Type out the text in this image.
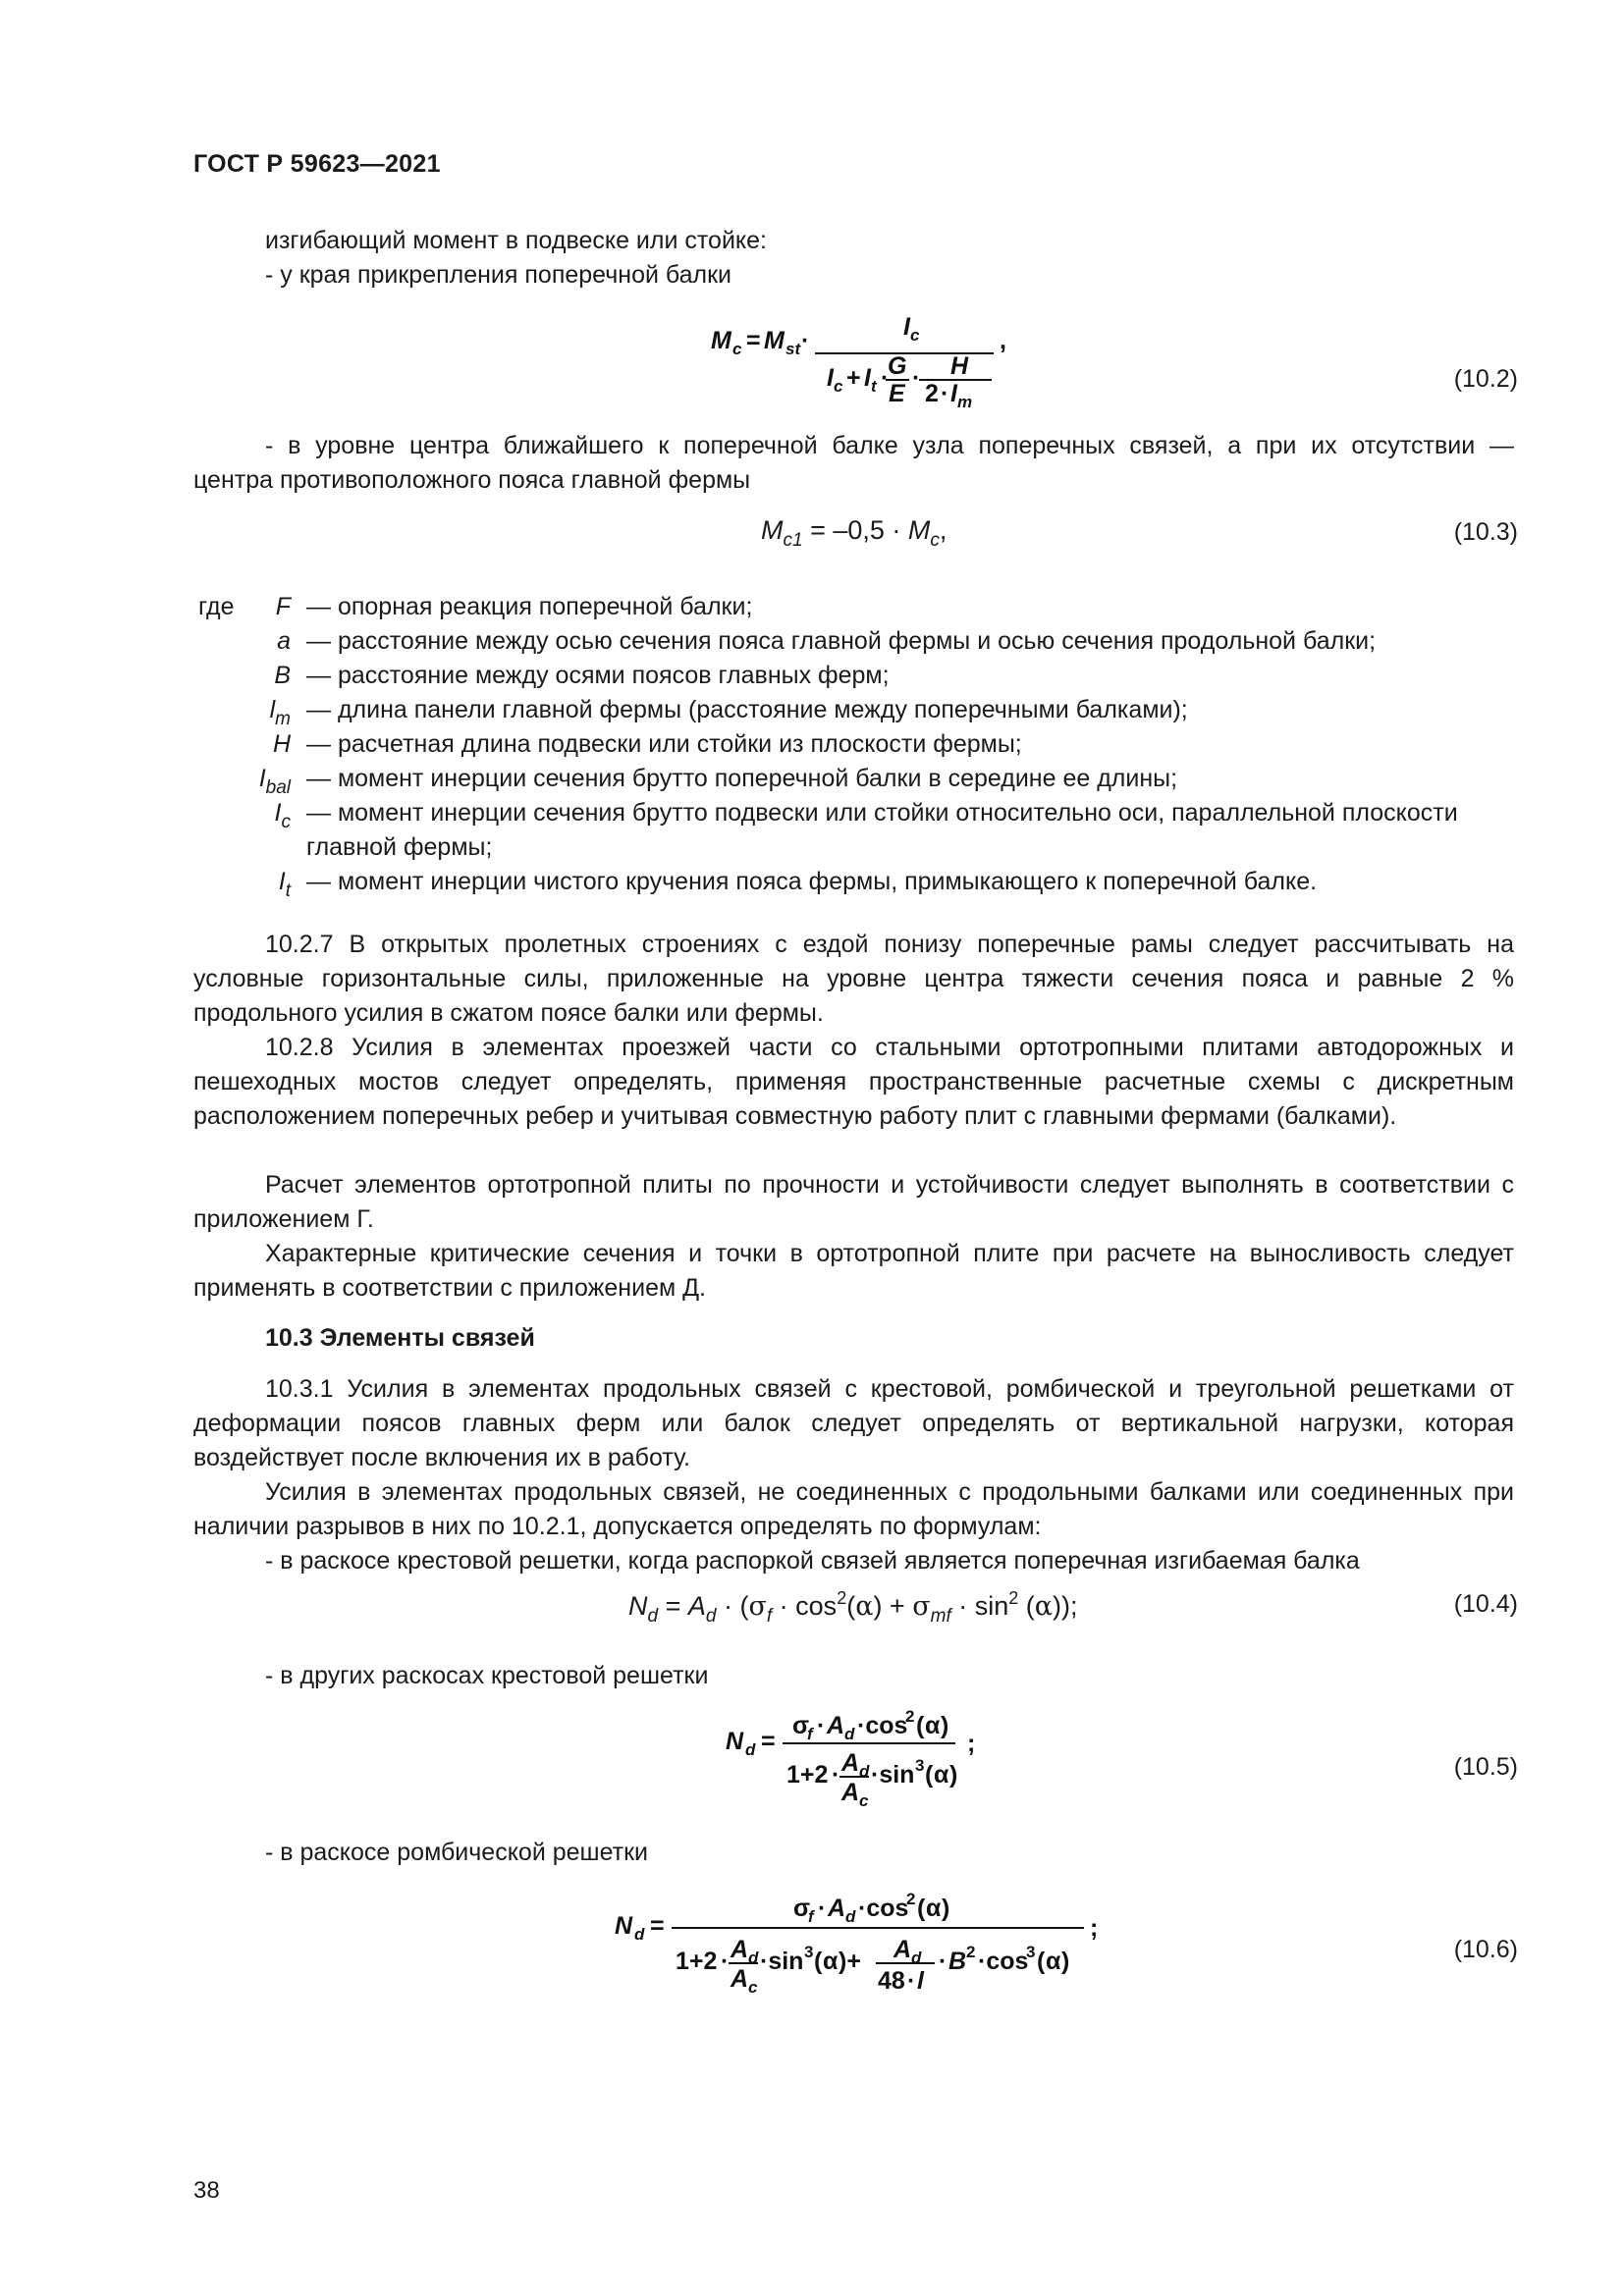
ГОСТ Р 59623—2021
изгибающий момент в подвеске или стойке:
- у края прикрепления поперечной балки
M c = M st ·	I c
I c + I t ·
G
E
· H
2 · I m
,
(10.2)
- в уровне центра ближайшего к поперечной балке узла поперечных связей, а при их отсутствии —
центра противоположного пояса главной фермы
$M_{c1} = -0,5 \cdot M_c$,	(10.3)
где F — опорная реакция поперечной балки;
a — расстояние между осью сечения пояса главной фермы и осью сечения продольной балки;
B — расстояние между осями поясов главных ферм;
$l_m$ — длина панели главной фермы (расстояние между поперечными балками);
H — расчетная длина подвески или стойки из плоскости фермы;
$I_{bal}$ — момент инерции сечения брутто поперечной балки в середине ее длины;
$I_c$ — момент инерции сечения брутто подвески или стойки относительно оси, параллельной плоскости главной фермы;
$I_t$ — момент инерции чистого кручения пояса фермы, примыкающего к поперечной балке.
10.2.7 В открытых пролетных строениях с ездой понизу поперечные рамы следует рассчитывать на условные горизонтальные силы, приложенные на уровне центра тяжести сечения пояса и равные 2 % продольного усилия в сжатом поясе балки или фермы.
10.2.8 Усилия в элементах проезжей части со стальными ортотропными плитами автодорожных и пешеходных мостов следует определять, применяя пространственные расчетные схемы с дискретным расположением поперечных ребер и учитывая совместную работу плит с главными фермами (балками).
Расчет элементов ортотропной плиты по прочности и устойчивости следует выполнять в соответствии с приложением Г.
Характерные критические сечения и точки в ортотропной плите при расчете на выносливость следует применять в соответствии с приложением Д.
10.3 Элементы связей
10.3.1 Усилия в элементах продольных связей с крестовой, ромбической и треугольной решетками от деформации поясов главных ферм или балок следует определять от вертикальной нагрузки, которая воздействует после включения их в работу.
Усилия в элементах продольных связей, не соединенных с продольными балками или соединенных при наличии разрывов в них по 10.2.1, допускается определять по формулам:
- в раскосе крестовой решетки, когда распоркой связей является поперечная изгибаемая балка
$N_d = A_d \cdot (\sigma_f \cdot \cos^2(\alpha) + \sigma_{mf} \cdot \sin^2 (\alpha))$;	(10.4)
- в других раскосах крестовой решетки
N d =
σ
f · A d ·cos
2 ( α )
1+2 · A d
A c
·sin 3 ( α )
;
(10.5)
- в раскосе ромбической решетки
N d =
σ
f · A d ·cos
2 ( α )
1+2 · A d
A c
·sin 3 ( α )+ A d
48 · l
· B 2 ·cos
3 ( α )
;
(10.6)
38
